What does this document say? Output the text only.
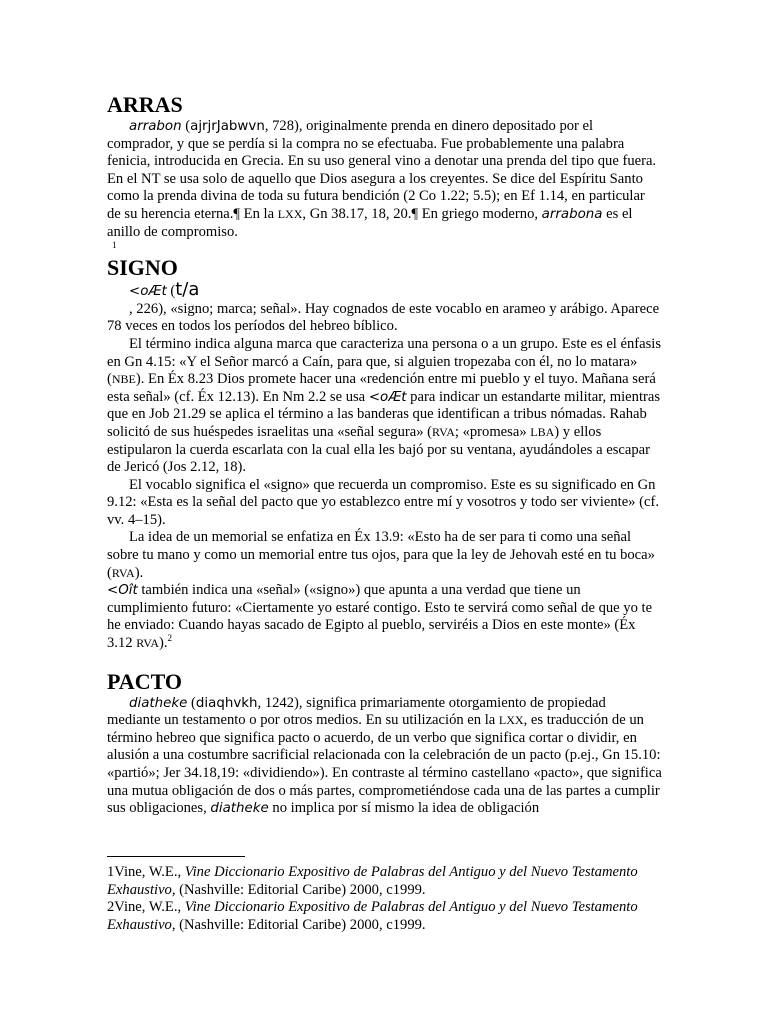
ARRAS

arrabon (ajrjrJabwvn, 728), originalmente prenda en dinero depositado por el comprador, y que se perdía si la compra no se efectuaba. Fue probablemente una palabra fenicia, introducida en Grecia. En su uso general vino a denotar una prenda del tipo que fuera. En el NT se usa solo de aquello que Dios asegura a los creyentes. Se dice del Espíritu Santo como la prenda divina de toda su futura bendición (2 Co 1.22; 5.5); en Ef 1.14, en particular de su herencia eterna.¶ En la LXX, Gn 38.17, 18, 20.¶ En griego moderno, arrabona es el anillo de compromiso.

1
SIGNO

<oÆt (t/a

, 226), «signo; marca; señal». Hay cognados de este vocablo en arameo y arábigo. Aparece 78 veces en todos los períodos del hebreo bíblico.

El término indica alguna marca que caracteriza una persona o a un grupo. Este es el énfasis en Gn 4.15: «Y el Señor marcó a Caín, para que, si alguien tropezaba con él, no lo matara» (NBE). En Éx 8.23 Dios promete hacer una «redención entre mi pueblo y el tuyo. Mañana será esta señal» (cf. Éx 12.13). En Nm 2.2 se usa <oÆt para indicar un estandarte militar, mientras que en Job 21.29 se aplica el término a las banderas que identifican a tribus nómadas. Rahab solicitó de sus huéspedes israelitas una «señal segura» (RVA; «promesa» LBA) y ellos estipularon la cuerda escarlata con la cual ella les bajó por su ventana, ayudándoles a escapar de Jericó (Jos 2.12, 18).

El vocablo significa el «signo» que recuerda un compromiso. Este es su significado en Gn 9.12: «Esta es la señal del pacto que yo establezco entre mí y vosotros y todo ser viviente» (cf. vv. 4–15).

La idea de un memorial se enfatiza en Éx 13.9: «Esto ha de ser para ti como una señal sobre tu mano y como un memorial entre tus ojos, para que la ley de Jehovah esté en tu boca» (RVA).

<Oît también indica una «señal» («signo») que apunta a una verdad que tiene un cumplimiento futuro: «Ciertamente yo estaré contigo. Esto te servirá como señal de que yo te he enviado: Cuando hayas sacado de Egipto al pueblo, serviréis a Dios en este monte» (Éx 3.12 RVA).$^2$

PACTO

diatheke (diaqhvkh, 1242), significa primariamente otorgamiento de propiedad mediante un testamento o por otros medios. En su utilización en la LXX, es traducción de un término hebreo que significa pacto o acuerdo, de un verbo que significa cortar o dividir, en alusión a una costumbre sacrificial relacionada con la celebración de un pacto (p.ej., Gn 15.10: «partió»; Jer 34.18,19: «dividiendo»). En contraste al término castellano «pacto», que significa una mutua obligación de dos o más partes, comprometiéndose cada una de las partes a cumplir sus obligaciones, diatheke no implica por sí mismo la idea de obligación

1Vine, W.E., Vine Diccionario Expositivo de Palabras del Antiguo y del Nuevo Testamento Exhaustivo, (Nashville: Editorial Caribe) 2000, c1999.

2Vine, W.E., Vine Diccionario Expositivo de Palabras del Antiguo y del Nuevo Testamento Exhaustivo, (Nashville: Editorial Caribe) 2000, c1999.
